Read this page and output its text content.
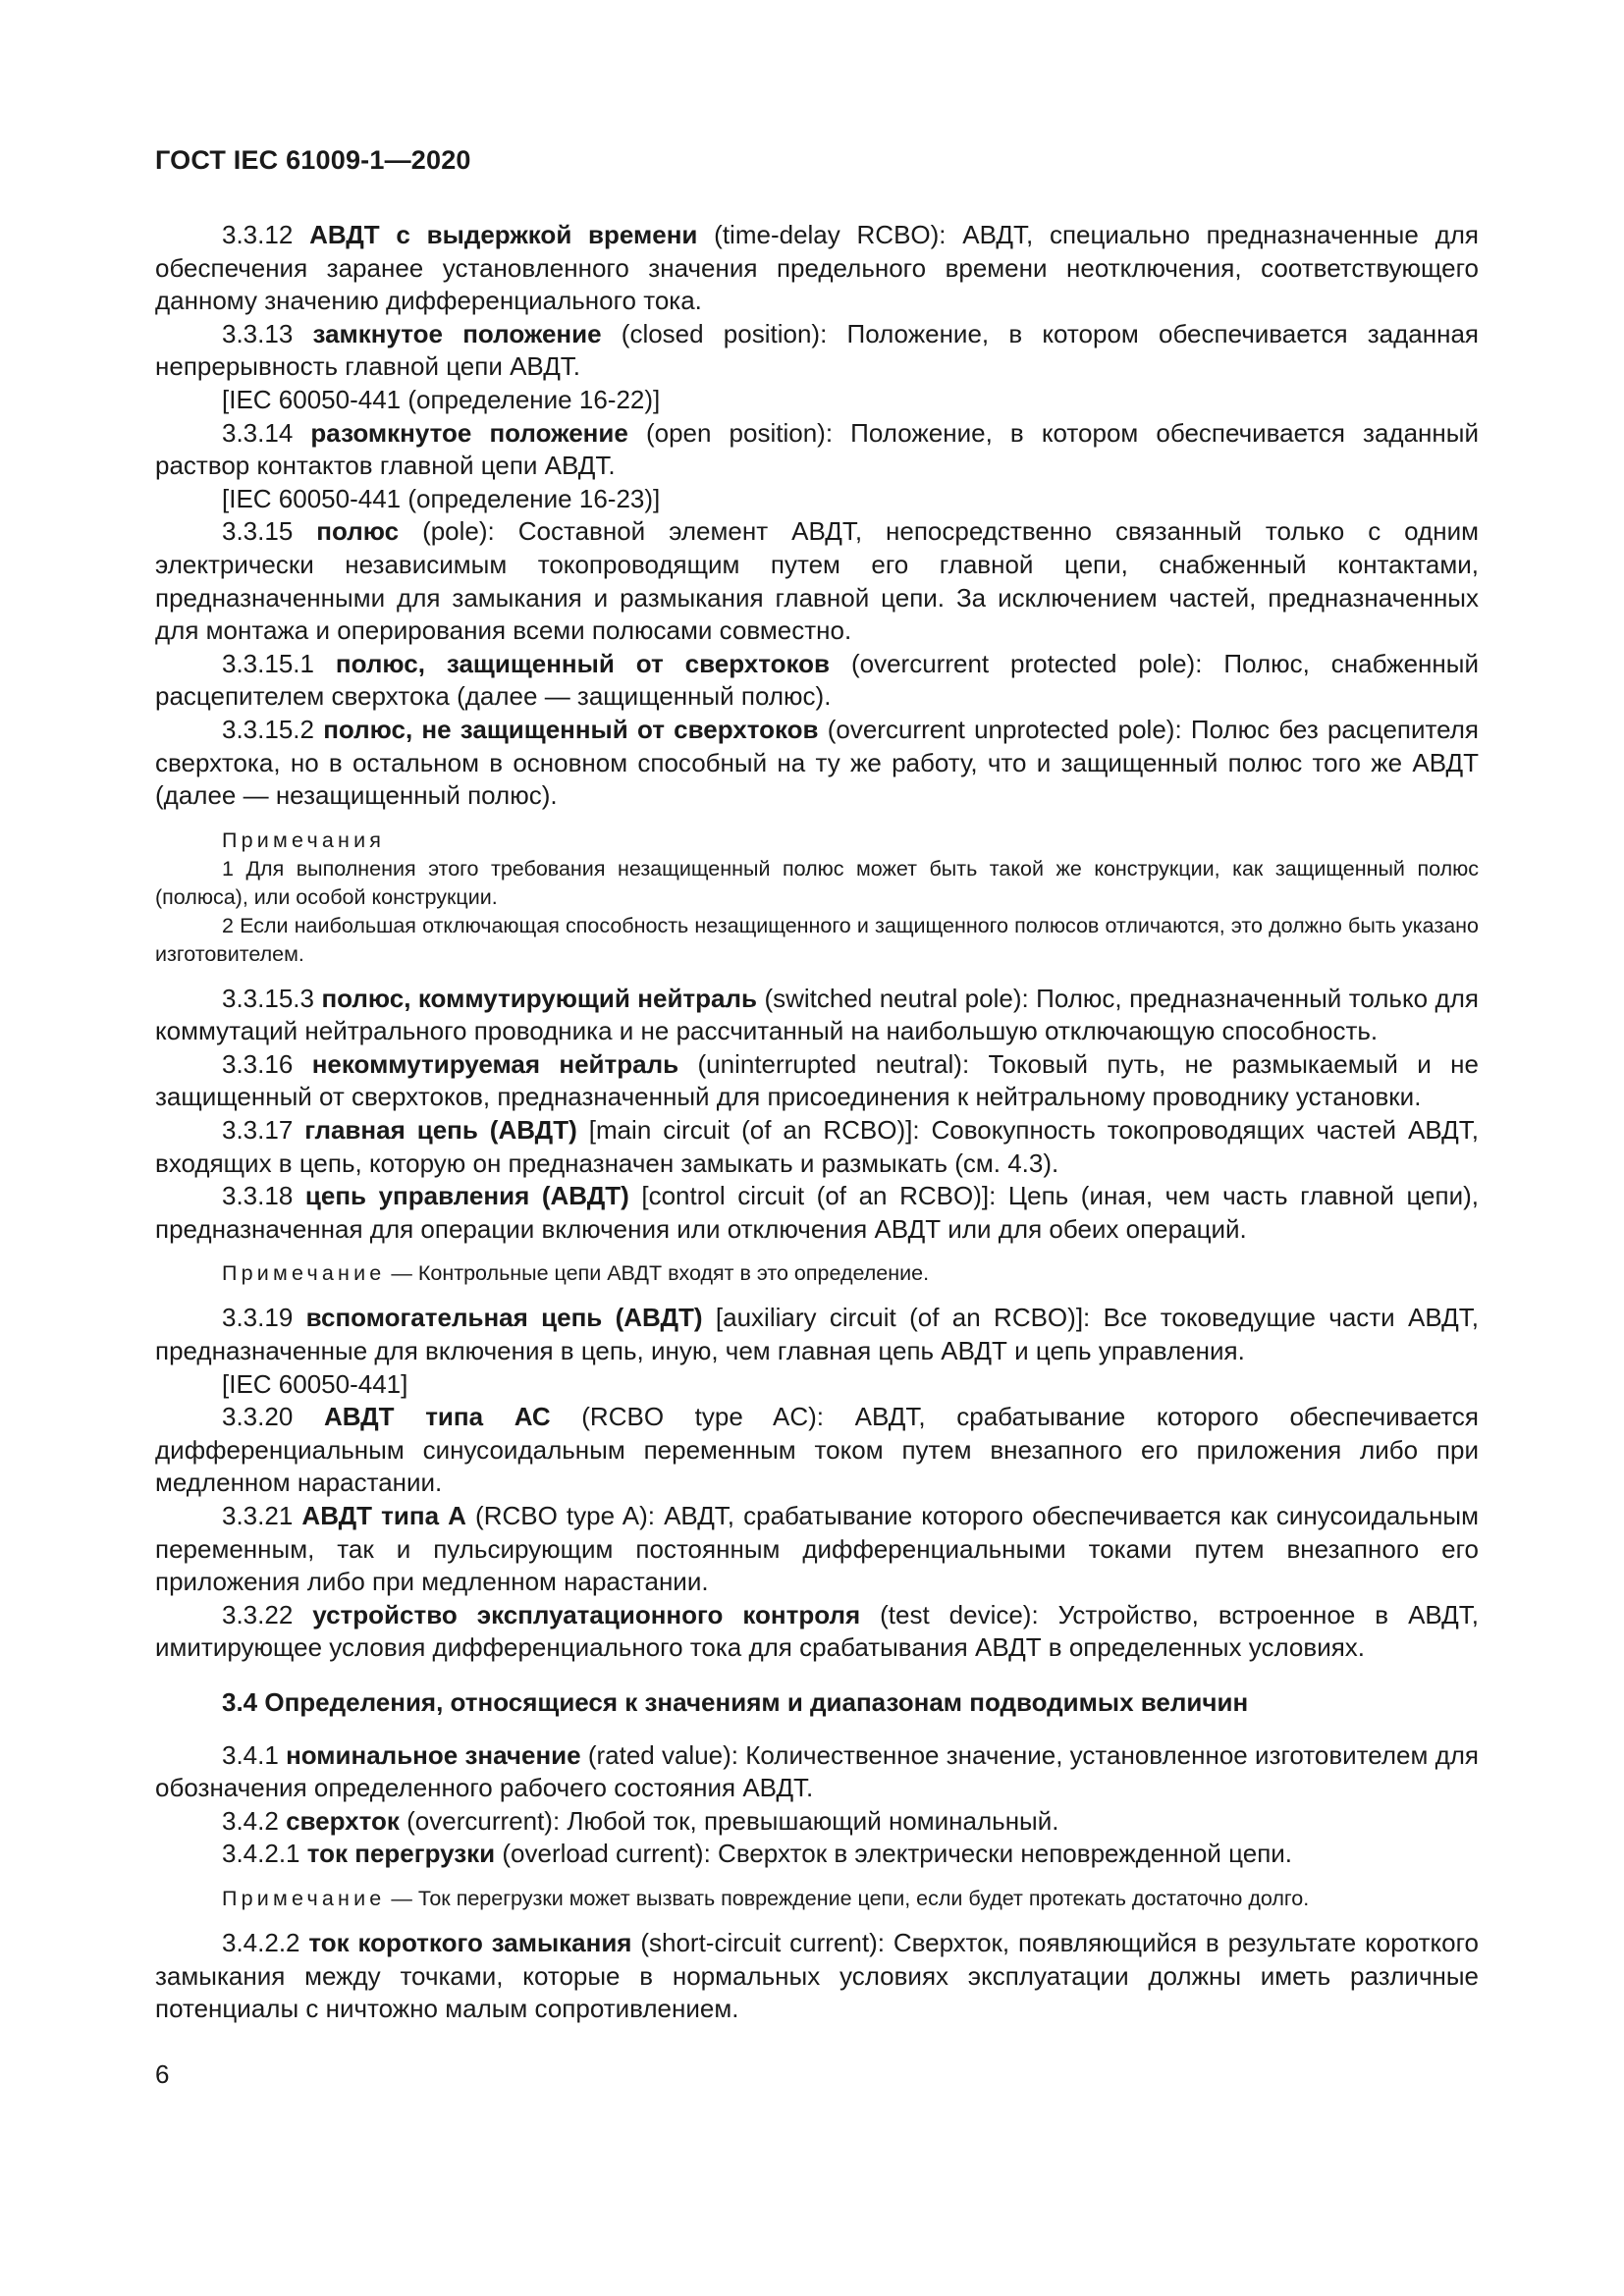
ГОСТ IEC 61009-1—2020

3.3.12 АВДТ с выдержкой времени (time-delay RCBO): АВДТ, специально предназначенные для обеспечения заранее установленного значения предельного времени неотключения, соответствующего данному значению дифференциального тока.

3.3.13 замкнутое положение (closed position): Положение, в котором обеспечивается заданная непрерывность главной цепи АВДТ.

[IEC 60050-441 (определение 16-22)]

3.3.14 разомкнутое положение (open position): Положение, в котором обеспечивается заданный раствор контактов главной цепи АВДТ.

[IEC 60050-441 (определение 16-23)]

3.3.15 полюс (pole): Составной элемент АВДТ, непосредственно связанный только с одним электрически независимым токопроводящим путем его главной цепи, снабженный контактами, предназначенными для замыкания и размыкания главной цепи. За исключением частей, предназначенных для монтажа и оперирования всеми полюсами совместно.

3.3.15.1 полюс, защищенный от сверхтоков (overcurrent protected pole): Полюс, снабженный расцепителем сверхтока (далее — защищенный полюс).

3.3.15.2 полюс, не защищенный от сверхтоков (overcurrent unprotected pole): Полюс без расцепителя сверхтока, но в остальном в основном способный на ту же работу, что и защищенный полюс того же АВДТ (далее — незащищенный полюс).

Примечания

1 Для выполнения этого требования незащищенный полюс может быть такой же конструкции, как защищенный полюс (полюса), или особой конструкции.

2 Если наибольшая отключающая способность незащищенного и защищенного полюсов отличаются, это должно быть указано изготовителем.

3.3.15.3 полюс, коммутирующий нейтраль (switched neutral pole): Полюс, предназначенный только для коммутаций нейтрального проводника и не рассчитанный на наибольшую отключающую способность.

3.3.16 некоммутируемая нейтраль (uninterrupted neutral): Токовый путь, не размыкаемый и не защищенный от сверхтоков, предназначенный для присоединения к нейтральному проводнику установки.

3.3.17 главная цепь (АВДТ) [main circuit (of an RCBO)]: Совокупность токопроводящих частей АВДТ, входящих в цепь, которую он предназначен замыкать и размыкать (см. 4.3).

3.3.18 цепь управления (АВДТ) [control circuit (of an RCBO)]: Цепь (иная, чем часть главной цепи), предназначенная для операции включения или отключения АВДТ или для обеих операций.

Примечание — Контрольные цепи АВДТ входят в это определение.

3.3.19 вспомогательная цепь (АВДТ) [auxiliary circuit (of an RCBO)]: Все токоведущие части АВДТ, предназначенные для включения в цепь, иную, чем главная цепь АВДТ и цепь управления.

[IEC 60050-441]

3.3.20 АВДТ типа АС (RCBO type AC): АВДТ, срабатывание которого обеспечивается дифференциальным синусоидальным переменным током путем внезапного его приложения либо при медленном нарастании.

3.3.21 АВДТ типа А (RCBO type A): АВДТ, срабатывание которого обеспечивается как синусоидальным переменным, так и пульсирующим постоянным дифференциальными токами путем внезапного его приложения либо при медленном нарастании.

3.3.22 устройство эксплуатационного контроля (test device): Устройство, встроенное в АВДТ, имитирующее условия дифференциального тока для срабатывания АВДТ в определенных условиях.

3.4 Определения, относящиеся к значениям и диапазонам подводимых величин

3.4.1 номинальное значение (rated value): Количественное значение, установленное изготовителем для обозначения определенного рабочего состояния АВДТ.

3.4.2 сверхток (overcurrent): Любой ток, превышающий номинальный.

3.4.2.1 ток перегрузки (overload current): Сверхток в электрически неповрежденной цепи.

Примечание — Ток перегрузки может вызвать повреждение цепи, если будет протекать достаточно долго.

3.4.2.2 ток короткого замыкания (short-circuit current): Сверхток, появляющийся в результате короткого замыкания между точками, которые в нормальных условиях эксплуатации должны иметь различные потенциалы с ничтожно малым сопротивлением.

6
